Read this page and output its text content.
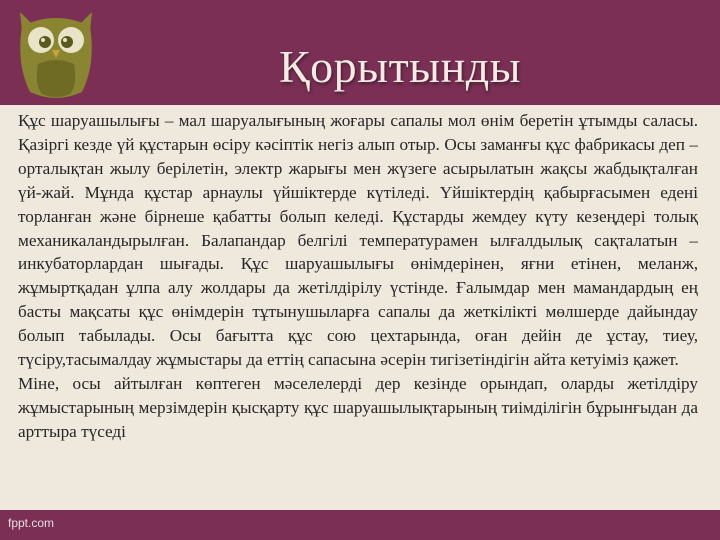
Қорытынды

Құс шаруашылығы – мал шаруалығының жоғары сапалы мол өнім беретін ұтымды саласы. Қазіргі кезде үй құстарын өсіру кәсіптік негіз алып отыр. Осы заманғы құс фабрикасы деп – орталықтан жылу берілетін, электр жарығы мен жүзеге асырылатын жақсы жабдықталған үй-жай. Мұнда құстар арнаулы үйшіктерде күтіледі. Үйшіктердің қабырғасымен едені торланған және бірнеше қабатты болып келеді. Құстарды жемдеу күту кезеңдері толық механикаландырылған. Балапандар белгілі температурамен ылғалдылық сақталатын – инкубаторлардан шығады. Құс шаруашылығы өнімдерінен, яғни етінен, меланж, жұмыртқадан ұлпа алу жолдары да жетілдірілу үстінде. Ғалымдар мен мамандардың ең басты мақсаты құс өнімдерін тұтынушыларға сапалы да жеткілікті мөлшерде дайындау болып табылады. Осы бағытта құс сою цехтарында, оған дейін де ұстау, тиеу, түсіру,тасымалдау жұмыстары да еттің сапасына әсерін тигізетіндігін айта кетуіміз қажет.

Міне, осы айтылған көптеген мәселелерді дер кезінде орындап, оларды жетілдіру жұмыстарының мерзімдерін қысқарту құс шаруашылықтарының тиімділігін бұрынғыдан да арттыра түседі

fppt.com
